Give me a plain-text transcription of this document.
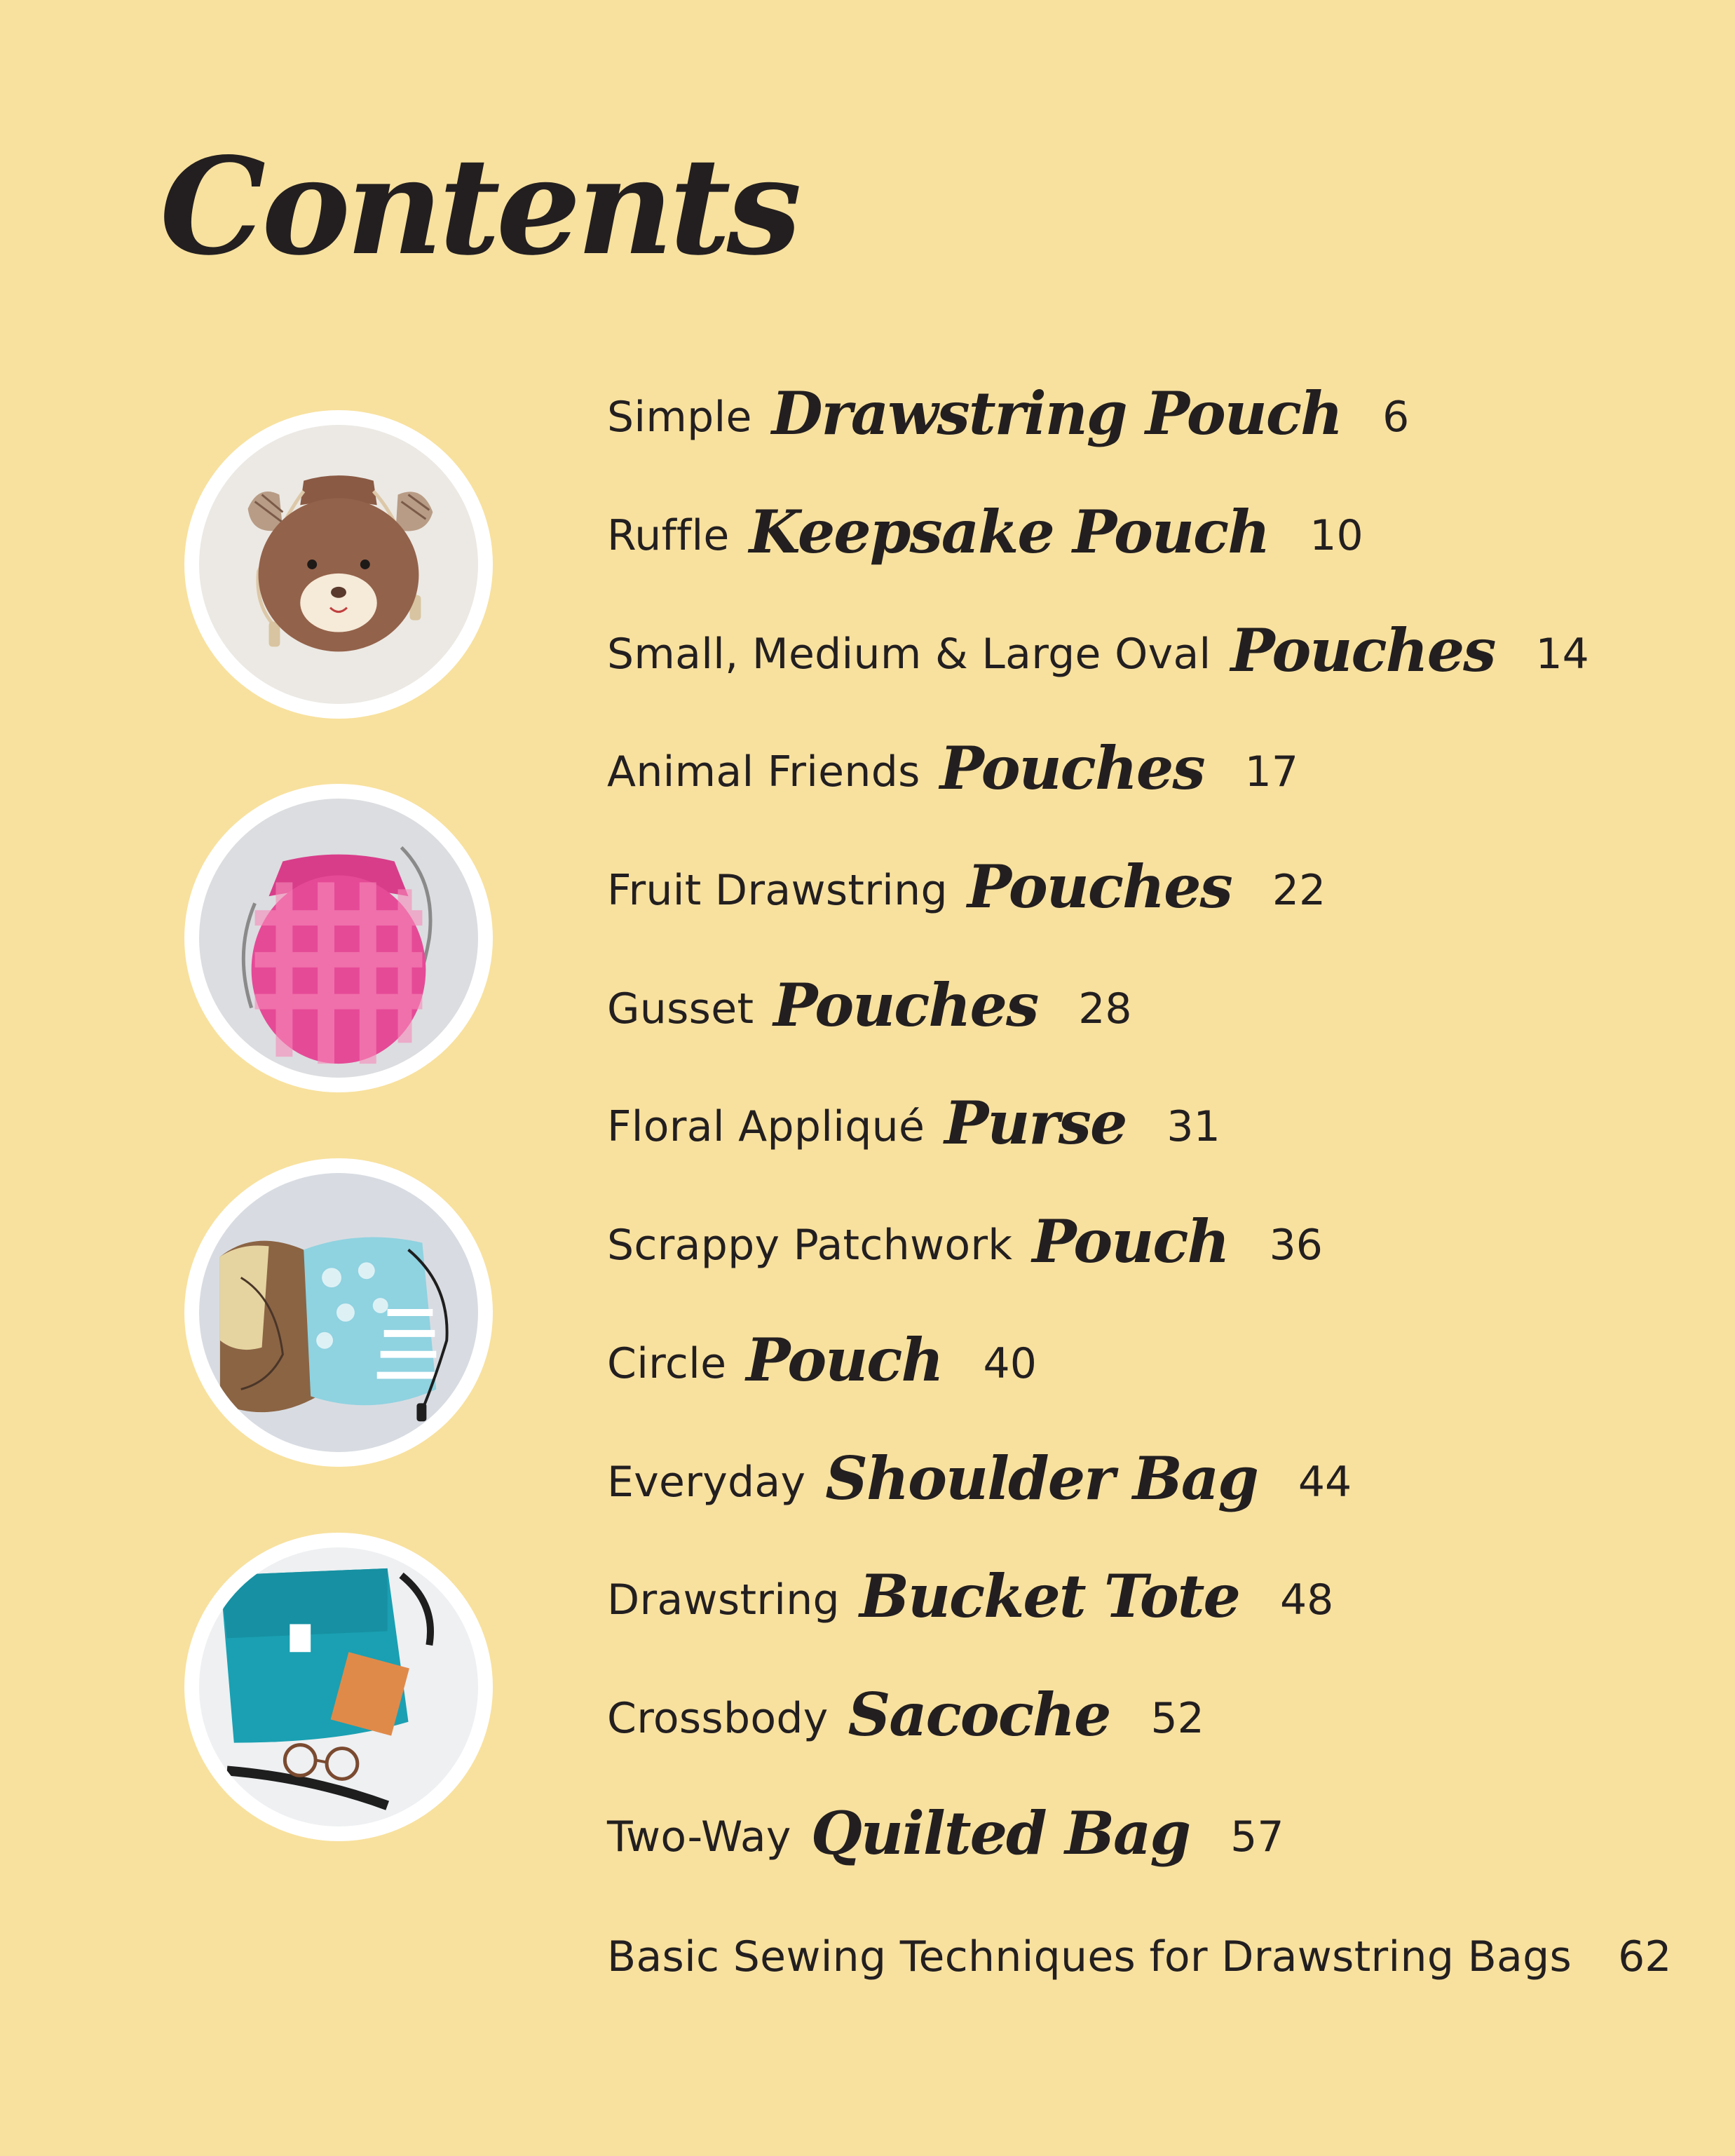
Contents
Simple Drawstring Pouch 6
Ruffle Keepsake Pouch 10
Small, Medium & Large Oval Pouches 14
Animal Friends Pouches 17
Fruit Drawstring Pouches 22
Gusset Pouches 28
Floral Appliqué Purse 31
Scrappy Patchwork Pouch 36
Circle Pouch 40
Everyday Shoulder Bag 44
Drawstring Bucket Tote 48
Crossbody Sacoche 52
Two-Way Quilted Bag 57
Basic Sewing Techniques for Drawstring Bags 62
